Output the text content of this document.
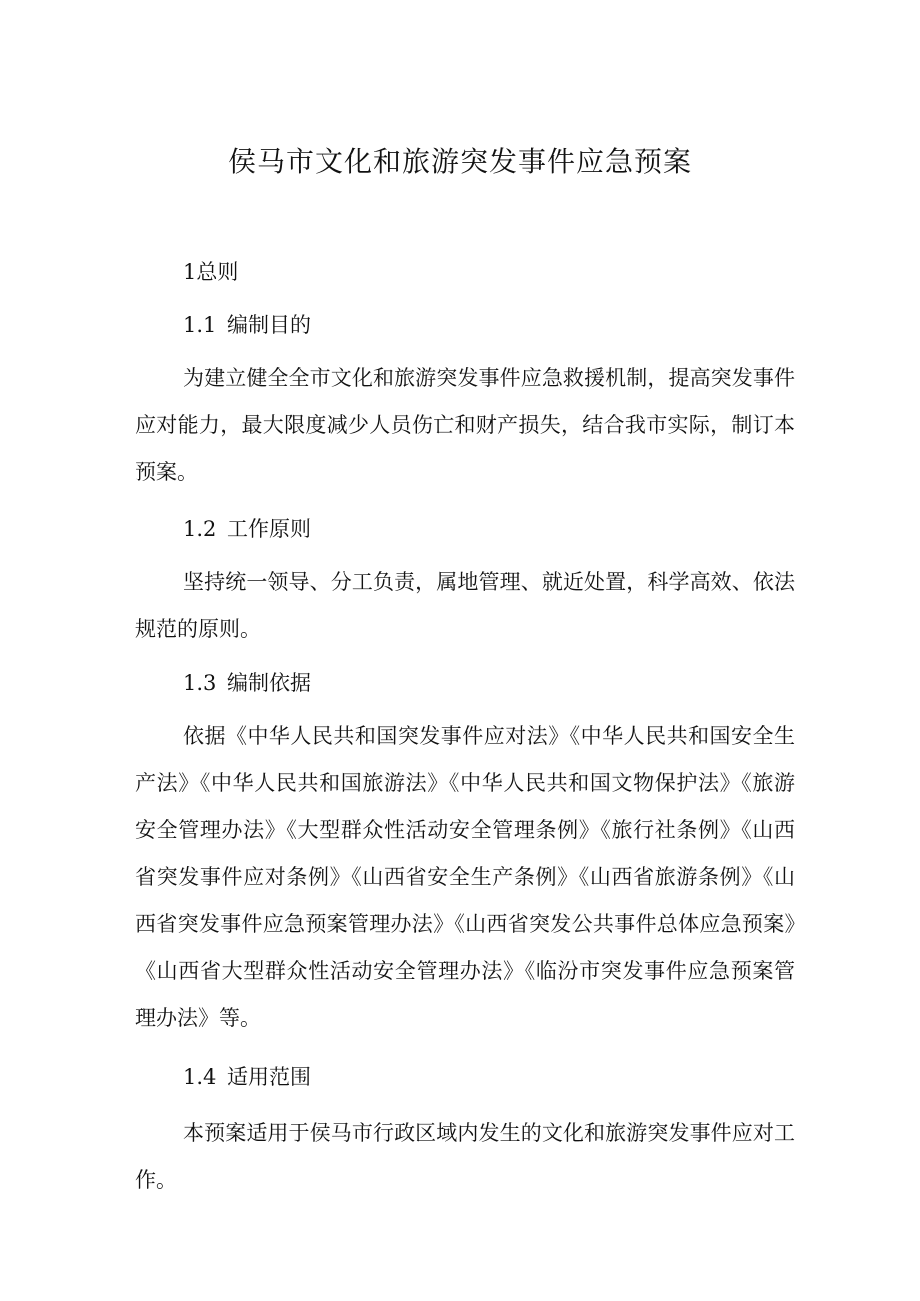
侯马市文化和旅游突发事件应急预案
1总则
1.1 编制目的
为建立健全全市文化和旅游突发事件应急救援机制，提高突发事件应对能力，最大限度减少人员伤亡和财产损失，结合我市实际，制订本预案。
1.2 工作原则
坚持统一领导、分工负责，属地管理、就近处置，科学高效、依法规范的原则。
1.3 编制依据
依据《中华人民共和国突发事件应对法》《中华人民共和国安全生产法》《中华人民共和国旅游法》《中华人民共和国文物保护法》《旅游安全管理办法》《大型群众性活动安全管理条例》《旅行社条例》《山西省突发事件应对条例》《山西省安全生产条例》《山西省旅游条例》《山西省突发事件应急预案管理办法》《山西省突发公共事件总体应急预案》《山西省大型群众性活动安全管理办法》《临汾市突发事件应急预案管理办法》等。
1.4 适用范围
本预案适用于侯马市行政区域内发生的文化和旅游突发事件应对工作。
